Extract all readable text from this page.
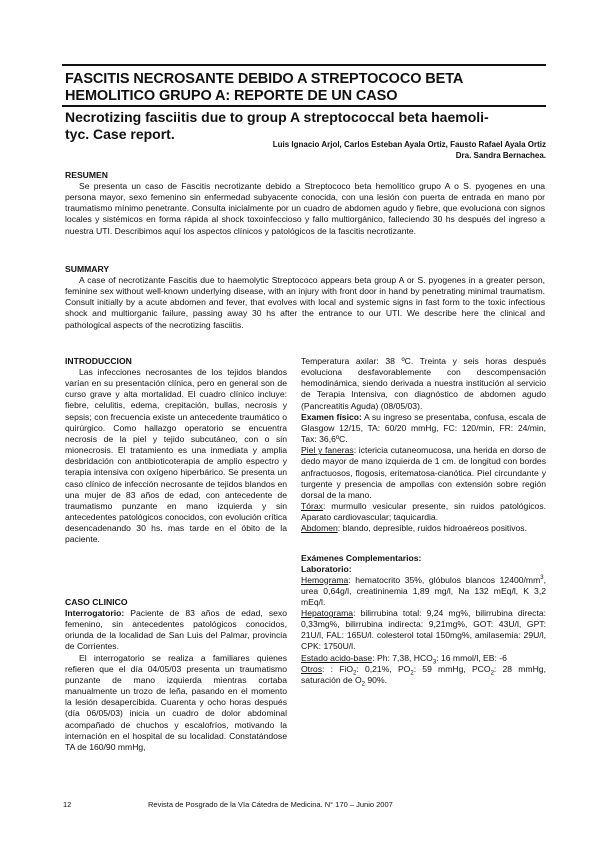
FASCITIS NECROSANTE DEBIDO A STREPTOCOCO BETA
HEMOLITICO GRUPO A: REPORTE DE UN CASO
Necrotizing fasciitis due to group A streptococcal beta haemoli-
tyc. Case report.
Luis Ignacio Arjol, Carlos Esteban Ayala Ortiz, Fausto Rafael Ayala Ortiz
Dra. Sandra Bernachea.
RESUMEN

Se presenta un caso de Fascitis necrotizante debido a Streptococo beta hemolítico grupo A o S. pyogenes en una persona mayor, sexo femenino sin enfermedad subyacente conocida, con una lesión con puerta de entrada en mano por traumatismo mínimo penetrante. Consulta inicialmente por un cuadro de abdomen agudo y fiebre, que evoluciona con signos locales y sistémicos en forma rápida al shock toxoinfeccioso y fallo multiorgánico, falleciendo 30 hs después del ingreso a nuestra UTI. Describimos aquí los aspectos clínicos y patológicos de la fascitis necrotizante.

SUMMARY

A case of necrotizante Fascitis due to haemolytic Streptococo appears beta group A or S. pyogenes in a greater person, feminine sex without well-known underlying disease, with an injury with front door in hand by penetrating minimal traumatism. Consult initially by a acute abdomen and fever, that evolves with local and systemic signs in fast form to the toxic infectious shock and multiorganic failure, passing away 30 hs after the entrance to our UTI. We describe here the clinical and pathological aspects of the necrotizing fasciitis.

INTRODUCCION

Las infecciones necrosantes de los tejidos blandos varían en su presentación clínica, pero en general son de curso grave y alta mortalidad. El cuadro clínico incluye: fiebre, celulitis, edema, crepitación, bullas, necrosis y sepsis; con frecuencia existe un antecedente traumático o quirúrgico. Como hallazgo operatorio se encuentra necrosis de la piel y tejido subcutáneo, con o sin mionecrosis. El tratamiento es una inmediata y amplia desbridación con antibioticoterapia de amplio espectro y terapia intensiva con oxígeno hiperbárico. Se presenta un caso clínico de infección necrosante de tejidos blandos en una mujer de 83 años de edad, con antecedente de traumatismo punzante en mano izquierda y sin antecedentes patológicos conocidos, con evolución crítica desencadenando 30 hs. mas tarde en el óbito de la paciente.

CASO CLINICO

Interrogatorio: Paciente de 83 años de edad, sexo femenino, sin antecedentes patológicos conocidos, oriunda de la localidad de San Luis del Palmar, provincia de Corrientes.

El interrogatorio se realiza a familiares quienes refieren que el día 04/05/03 presenta un traumatismo punzante de mano izquierda mientras cortaba manualmente un trozo de leña, pasando en el momento la lesión desapercibida. Cuarenta y ocho horas después (día 06/05/03) inicia un cuadro de dolor abdominal acompañado de chuchos y escalofríos, motivando la internación en el hospital de su localidad. Constatándose TA de 160/90 mmHg,

Temperatura axilar: 38 ºC. Treinta y seis horas después evoluciona desfavorablemente con descompensación hemodinámica, siendo derivada a nuestra institución al servicio de Terapia Intensiva, con diagnóstico de abdomen agudo (Pancreatitis Aguda) (08/05/03).

Examen físico: A su ingreso se presentaba, confusa, escala de Glasgow 12/15, TA: 60/20 mmHg, FC: 120/min, FR: 24/min, Tax: 36,6ºC.

Piel y faneras: ictericia cutaneomucosa, una herida en dorso de dedo mayor de mano izquierda de 1 cm. de longitud con bordes anfractuosos, flogosis, eritematosa-cianótica. Piel circundante y turgente y presencia de ampollas con extensión sobre región dorsal de la mano.

Tórax: murmullo vesicular presente, sin ruidos patológicos. Aparato cardiovascular; taquicardia.

Abdomen: blando, depresible, ruidos hidroaéreos positivos.

Exámenes Complementarios:
Laboratorio:

Hemograma: hematocrito 35%, glóbulos blancos $12400/mm^3$, urea 0,64g/l, creatininemia 1,89 mg/l, Na 132 mEq/l, K 3,2 mEq/l.

Hepatograma: bilirrubina total: 9,24 mg%, bilirrubina directa: 0,33mg%, bilirrubina indirecta: 9,21mg%, GOT: 43U/l, GPT: 21U/l, FAL: 165U/l. colesterol total 150mg%, amilasemia: 29U/l, CPK: 1750U/l.

Estado acido-base: Ph: 7,38, $HCO_3$: 16 mmol/l, EB: -6

Otros: : FiO$_2$: 0,21%, $PO_2$: 59 mmHg, $PCO_2$: 28 mmHg, saturación de $O_2$ 90%.

12	Revista de Posgrado de la VIa Cátedra de Medicina. N° 170 – Junio 2007
